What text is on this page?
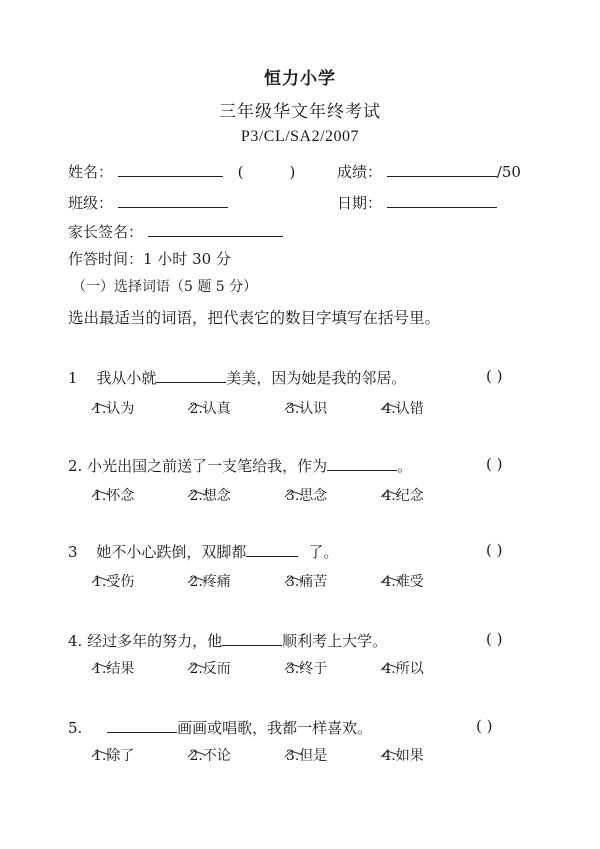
恒力小学
三年级华文年终考试
P3/CL/SA2/2007
姓名：	(	)	成绩：	/50
班级：	日期：
家长签名：
作答时间：1 小时 30 分
（一）选择词语（5 题 5 分）
选出最适当的词语，把代表它的数目字填写在括号里。
1 我从小就	美美，因为她是我的邻居。	( )
1.认为	2.认真	3.认识	4.认错
2. 小光出国之前送了一支笔给我，作为	。	( )
1.怀念	2.想念	3.思念	4.纪念
3 她不小心跌倒，双脚都	了。	( )
1.受伤	2.疼痛	3.痛苦	4.难受
4. 经过多年的努力，他	顺利考上大学。	( )
1.结果	2.反而	3.终于	4.所以
5.	画画或唱歌，我都一样喜欢。	( )
1.除了	2.不论	3.但是	4.如果
